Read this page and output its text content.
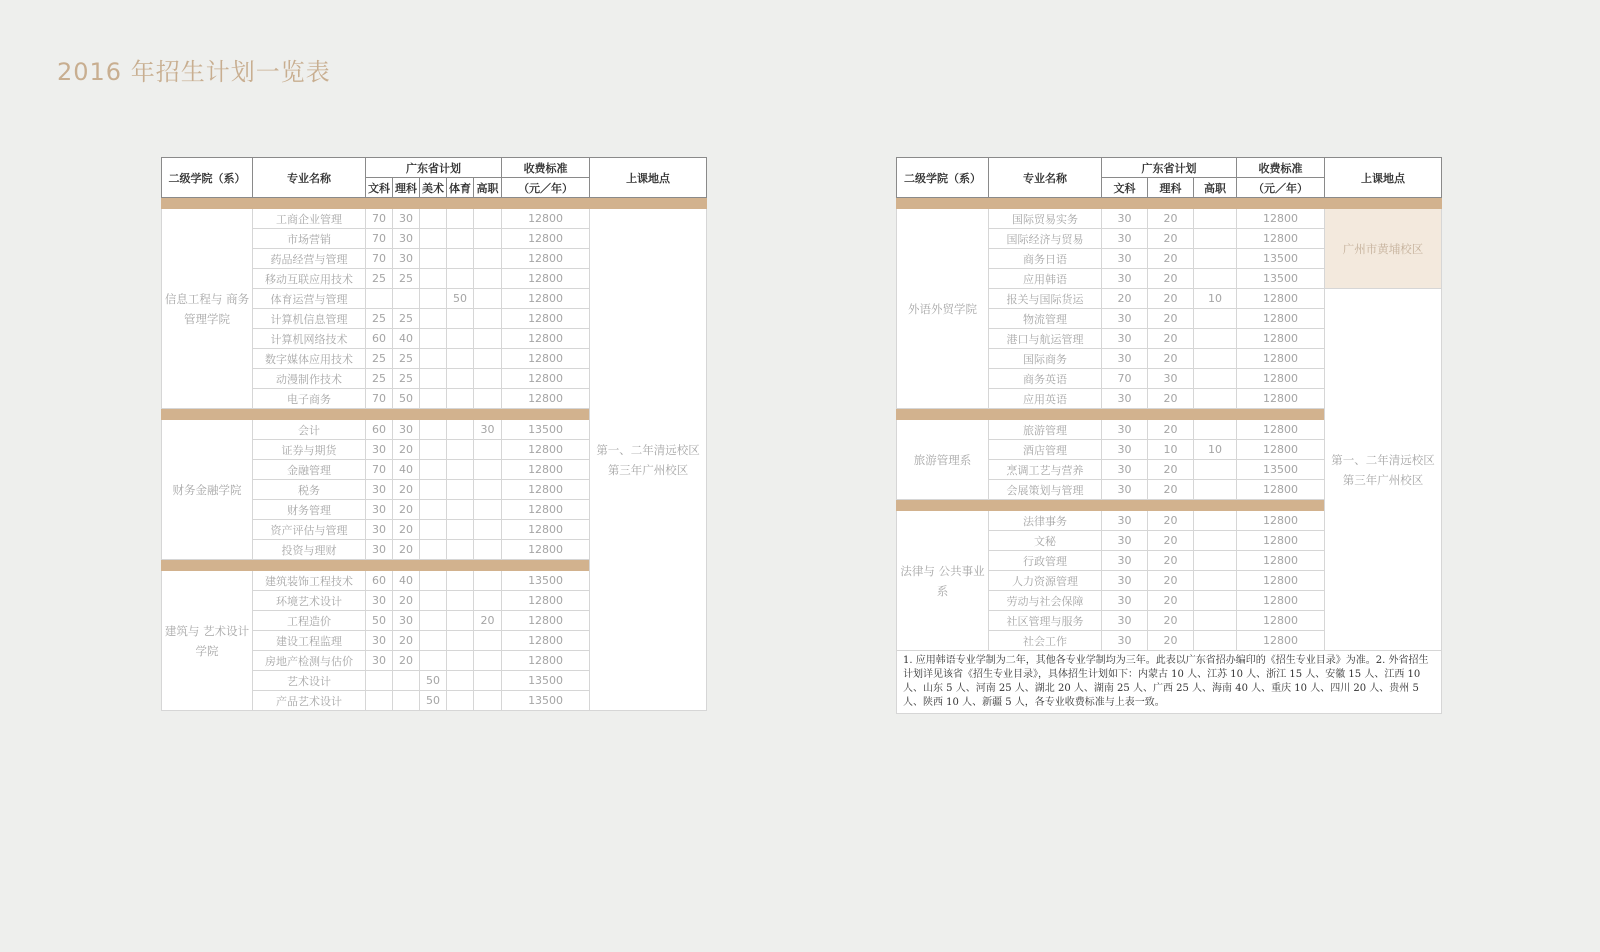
2016 年招生计划一览表
二级学院（系）	专业名称	广东省计划					收费标准	上课地点
		文科	理科	美术	体育	高职	（元／年）	

信息工程与 商务管理学院	工商企业管理	70	30				12800	第一、二年清远校区 第三年广州校区
	市场营销	70	30				12800	
	药品经营与管理	70	30				12800	
	移动互联应用技术	25	25				12800	
	体育运营与管理				50		12800	
	计算机信息管理	25	25				12800	
	计算机网络技术	60	40				12800	
	数字媒体应用技术	25	25				12800	
	动漫制作技术	25	25				12800	
	电子商务	70	50				12800	

财务金融学院	会计	60	30			30	13500	
	证券与期货	30	20				12800	
	金融管理	70	40				12800	
	税务	30	20				12800	
	财务管理	30	20				12800	
	资产评估与管理	30	20				12800	
	投资与理财	30	20				12800	

建筑与 艺术设计学院	建筑装饰工程技术	60	40				13500	
	环境艺术设计	30	20				12800	
	工程造价	50	30			20	12800	
	建设工程监理	30	20				12800	
	房地产检测与估价	30	20				12800	
	艺术设计			50			13500	
	产品艺术设计			50			13500	
二级学院（系）	专业名称	广东省计划			收费标准	上课地点
		文科	理科	高职	（元／年）	

外语外贸学院	国际贸易实务	30	20		12800	广州市黄埔校区
	国际经济与贸易	30	20		12800	
	商务日语	30	20		13500	
	应用韩语	30	20		13500	
	报关与国际货运	20	20	10	12800	第一、二年清远校区 第三年广州校区
	物流管理	30	20		12800	
	港口与航运管理	30	20		12800	
	国际商务	30	20		12800	
	商务英语	70	30		12800	
	应用英语	30	20		12800	

旅游管理系	旅游管理	30	20		12800	
	酒店管理	30	10	10	12800	
	烹调工艺与营养	30	20		13500	
	会展策划与管理	30	20		12800	

法律与 公共事业系	法律事务	30	20		12800	
	文秘	30	20		12800	
	行政管理	30	20		12800	
	人力资源管理	30	20		12800	
	劳动与社会保障	30	20		12800	
	社区管理与服务	30	20		12800	
	社会工作	30	20		12800	
1. 应用韩语专业学制为二年，其他各专业学制均为三年。此表以广东省招办编印的《招生专业目录》为准。2. 外省招生计划详见该省《招生专业目录》，具体招生计划如下：内蒙古 10 人、江苏 10 人、浙江 15 人、安徽 15 人、江西 10 人、山东 5 人、河南 25 人、湖北 20 人、湖南 25 人、广西 25 人、海南 40 人、重庆 10 人、四川 20 人、贵州 5 人、陕西 10 人、新疆 5 人，各专业收费标准与上表一致。						
